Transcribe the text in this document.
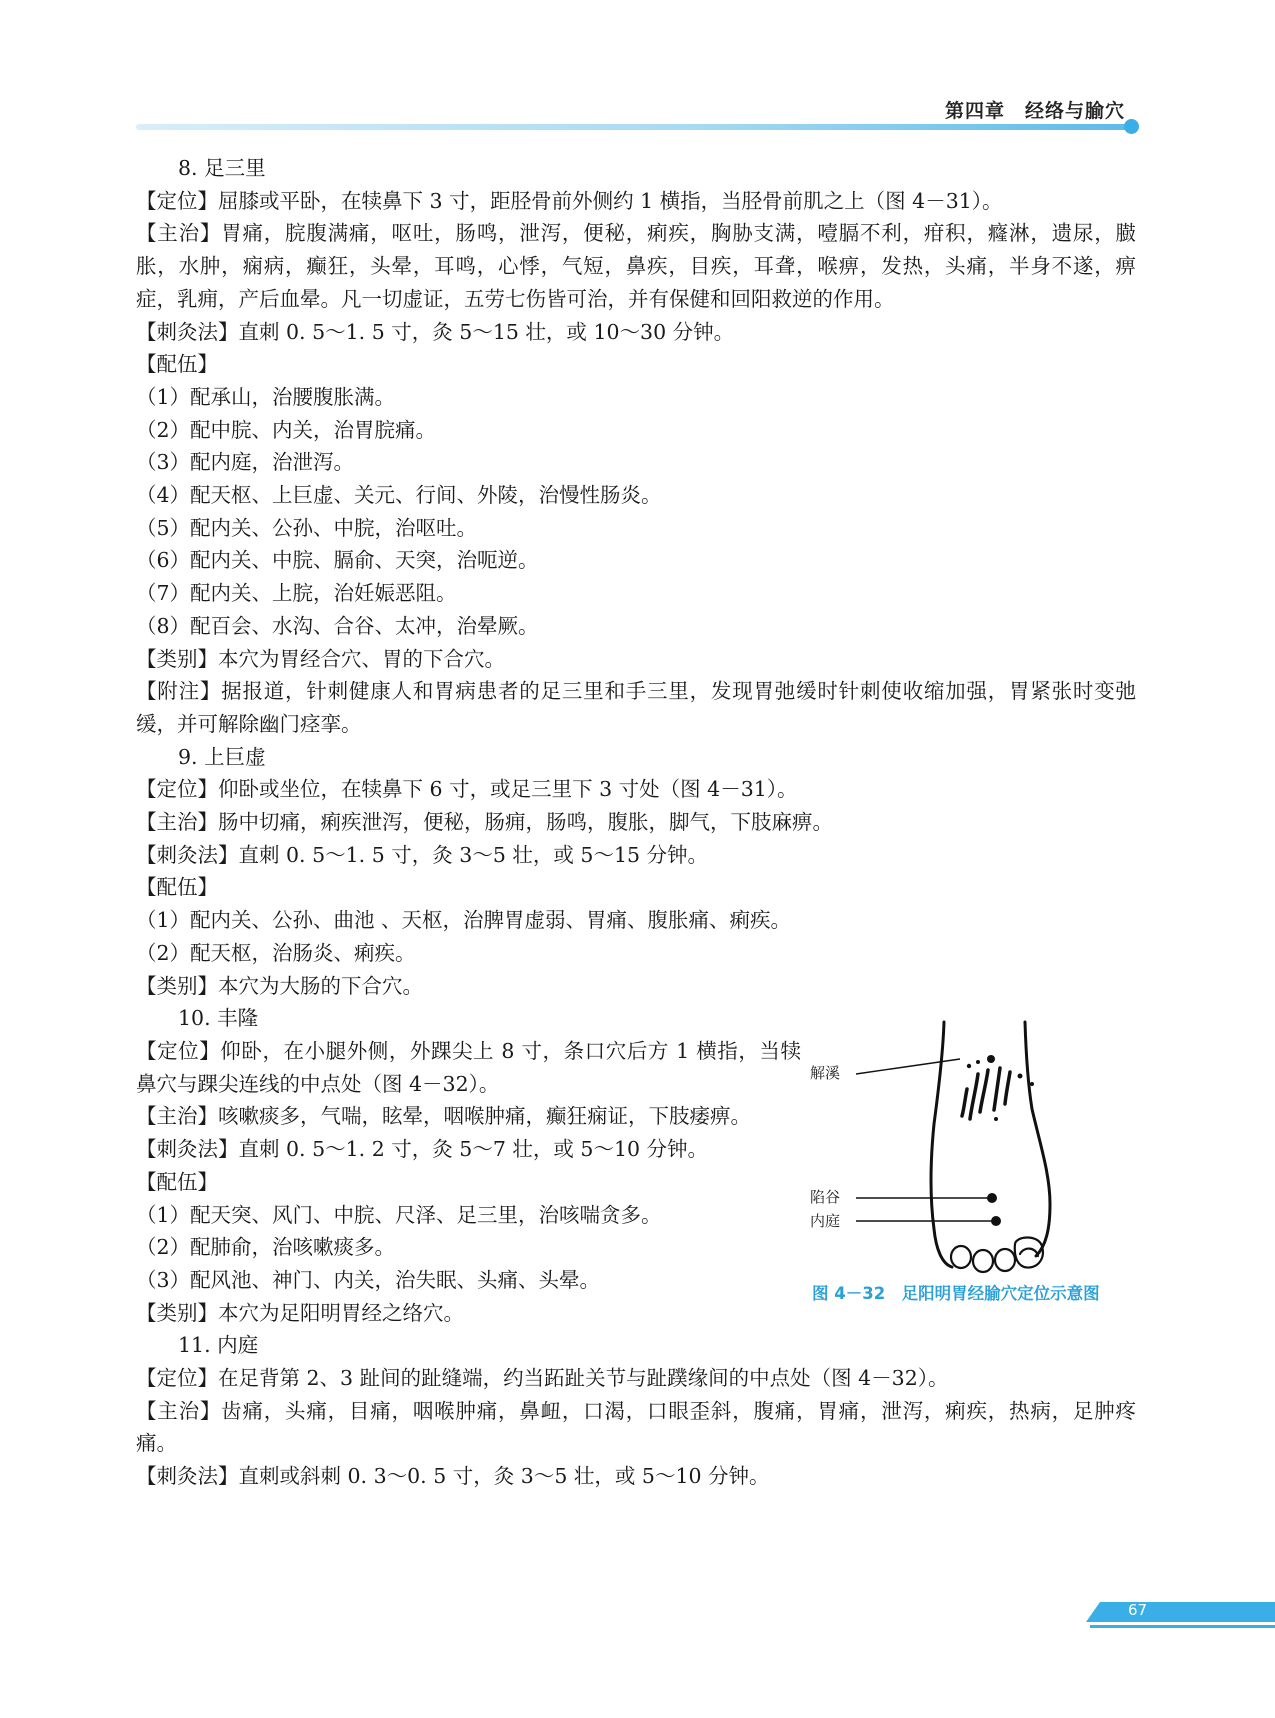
第四章　经络与腧穴

8. 足三里

【定位】屈膝或平卧，在犊鼻下 3 寸，距胫骨前外侧约 1 横指，当胫骨前肌之上（图 4－31）。

【主治】胃痛，脘腹满痛，呕吐，肠鸣，泄泻，便秘，痢疾，胸胁支满，噎膈不利，疳积，癃淋，遗尿，臌胀，水肿，痫病，癫狂，头晕，耳鸣，心悸，气短，鼻疾，目疾，耳聋，喉痹，发热，头痛，半身不遂，痹症，乳痈，产后血晕。凡一切虚证，五劳七伤皆可治，并有保健和回阳救逆的作用。

【刺灸法】直刺 0. 5～1. 5 寸，灸 5～15 壮，或 10～30 分钟。

【配伍】

（1）配承山，治腰腹胀满。

（2）配中脘、内关，治胃脘痛。

（3）配内庭，治泄泻。

（4）配天枢、上巨虚、关元、行间、外陵，治慢性肠炎。

（5）配内关、公孙、中脘，治呕吐。

（6）配内关、中脘、膈俞、天突，治呃逆。

（7）配内关、上脘，治妊娠恶阻。

（8）配百会、水沟、合谷、太冲，治晕厥。

【类别】本穴为胃经合穴、胃的下合穴。

【附注】据报道，针刺健康人和胃病患者的足三里和手三里，发现胃弛缓时针刺使收缩加强，胃紧张时变弛缓，并可解除幽门痉挛。

9. 上巨虚

【定位】仰卧或坐位，在犊鼻下 6 寸，或足三里下 3 寸处（图 4－31）。

【主治】肠中切痛，痢疾泄泻，便秘，肠痈，肠鸣，腹胀，脚气，下肢麻痹。

【刺灸法】直刺 0. 5～1. 5 寸，灸 3～5 壮，或 5～15 分钟。

【配伍】

（1）配内关、公孙、曲池 、天枢，治脾胃虚弱、胃痛、腹胀痛、痢疾。

（2）配天枢，治肠炎、痢疾。

【类别】本穴为大肠的下合穴。

10. 丰隆

【定位】仰卧，在小腿外侧，外踝尖上 8 寸，条口穴后方 1 横指，当犊鼻穴与踝尖连线的中点处（图 4－32）。

【主治】咳嗽痰多，气喘，眩晕，咽喉肿痛，癫狂痫证，下肢痿痹。

【刺灸法】直刺 0. 5～1. 2 寸，灸 5～7 壮，或 5～10 分钟。

【配伍】

（1）配天突、风门、中脘、尺泽、足三里，治咳喘贪多。

（2）配肺俞，治咳嗽痰多。

（3）配风池、神门、内关，治失眠、头痛、头晕。

【类别】本穴为足阳明胃经之络穴。

11. 内庭

【定位】在足背第 2、3 趾间的趾缝端，约当跖趾关节与趾蹼缘间的中点处（图 4－32）。

【主治】齿痛，头痛，目痛，咽喉肿痛，鼻衄，口渴，口眼歪斜，腹痛，胃痛，泄泻，痢疾，热病，足肿疼痛。

【刺灸法】直刺或斜刺 0. 3～0. 5 寸，灸 3～5 壮，或 5～10 分钟。

解溪
陷谷
内庭
图 4－32　足阳明胃经腧穴定位示意图
67
